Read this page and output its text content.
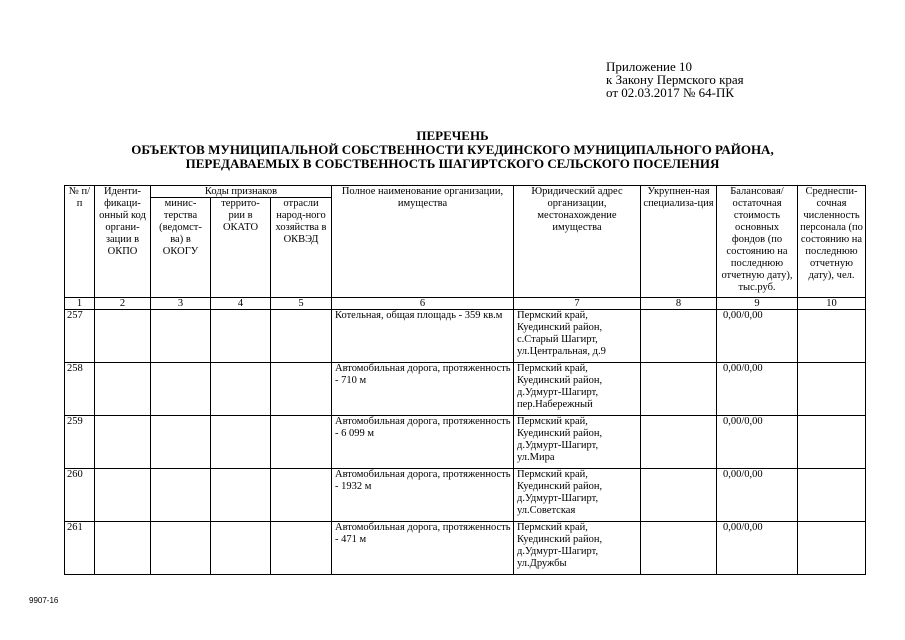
Приложение 10
к Закону Пермского края
от 02.03.2017 № 64-ПК
ПЕРЕЧЕНЬ
ОБЪЕКТОВ МУНИЦИПАЛЬНОЙ СОБСТВЕННОСТИ КУЕДИНСКОГО МУНИЦИПАЛЬНОГО РАЙОНА,
ПЕРЕДАВАЕМЫХ В СОБСТВЕННОСТЬ ШАГИРТСКОГО СЕЛЬСКОГО ПОСЕЛЕНИЯ
№ п/п	Иденти-фикаци-онный код органи-зации в ОКПО	Коды признаков			Полное наименование организации, имущества	Юридический адрес организации, местонахождение имущества	Укрупнен-ная специализа-ция	Балансовая/ остаточная стоимость основных фондов (по состоянию на последнюю отчетную дату), тыс.руб.	Среднеспи-сочная численность персонала (по состоянию на последнюю отчетную дату), чел.
		минис-терства (ведомст-ва) в ОКОГУ	террито-рии в ОКАТО	отрасли народ-ного хозяйства в ОКВЭД					
1	2	3	4	5	6	7	8	9	10
257					Котельная, общая площадь - 359 кв.м	Пермский край, Куединский район, с.Старый Шагирт, ул.Центральная, д.9		0,00/0,00	
258					Автомобильная дорога, протяженность - 710 м	Пермский край, Куединский район, д.Удмурт-Шагирт, пер.Набережный		0,00/0,00	
259					Автомобильная дорога, протяженность - 6 099 м	Пермский край, Куединский район, д.Удмурт-Шагирт, ул.Мира		0,00/0,00	
260					Автомобильная дорога, протяженность - 1932 м	Пермский край, Куединский район, д.Удмурт-Шагирт, ул.Советская		0,00/0,00	
261					Автомобильная дорога, протяженность - 471 м	Пермский край, Куединский район, д.Удмурт-Шагирт, ул.Дружбы		0,00/0,00	
9907-16
